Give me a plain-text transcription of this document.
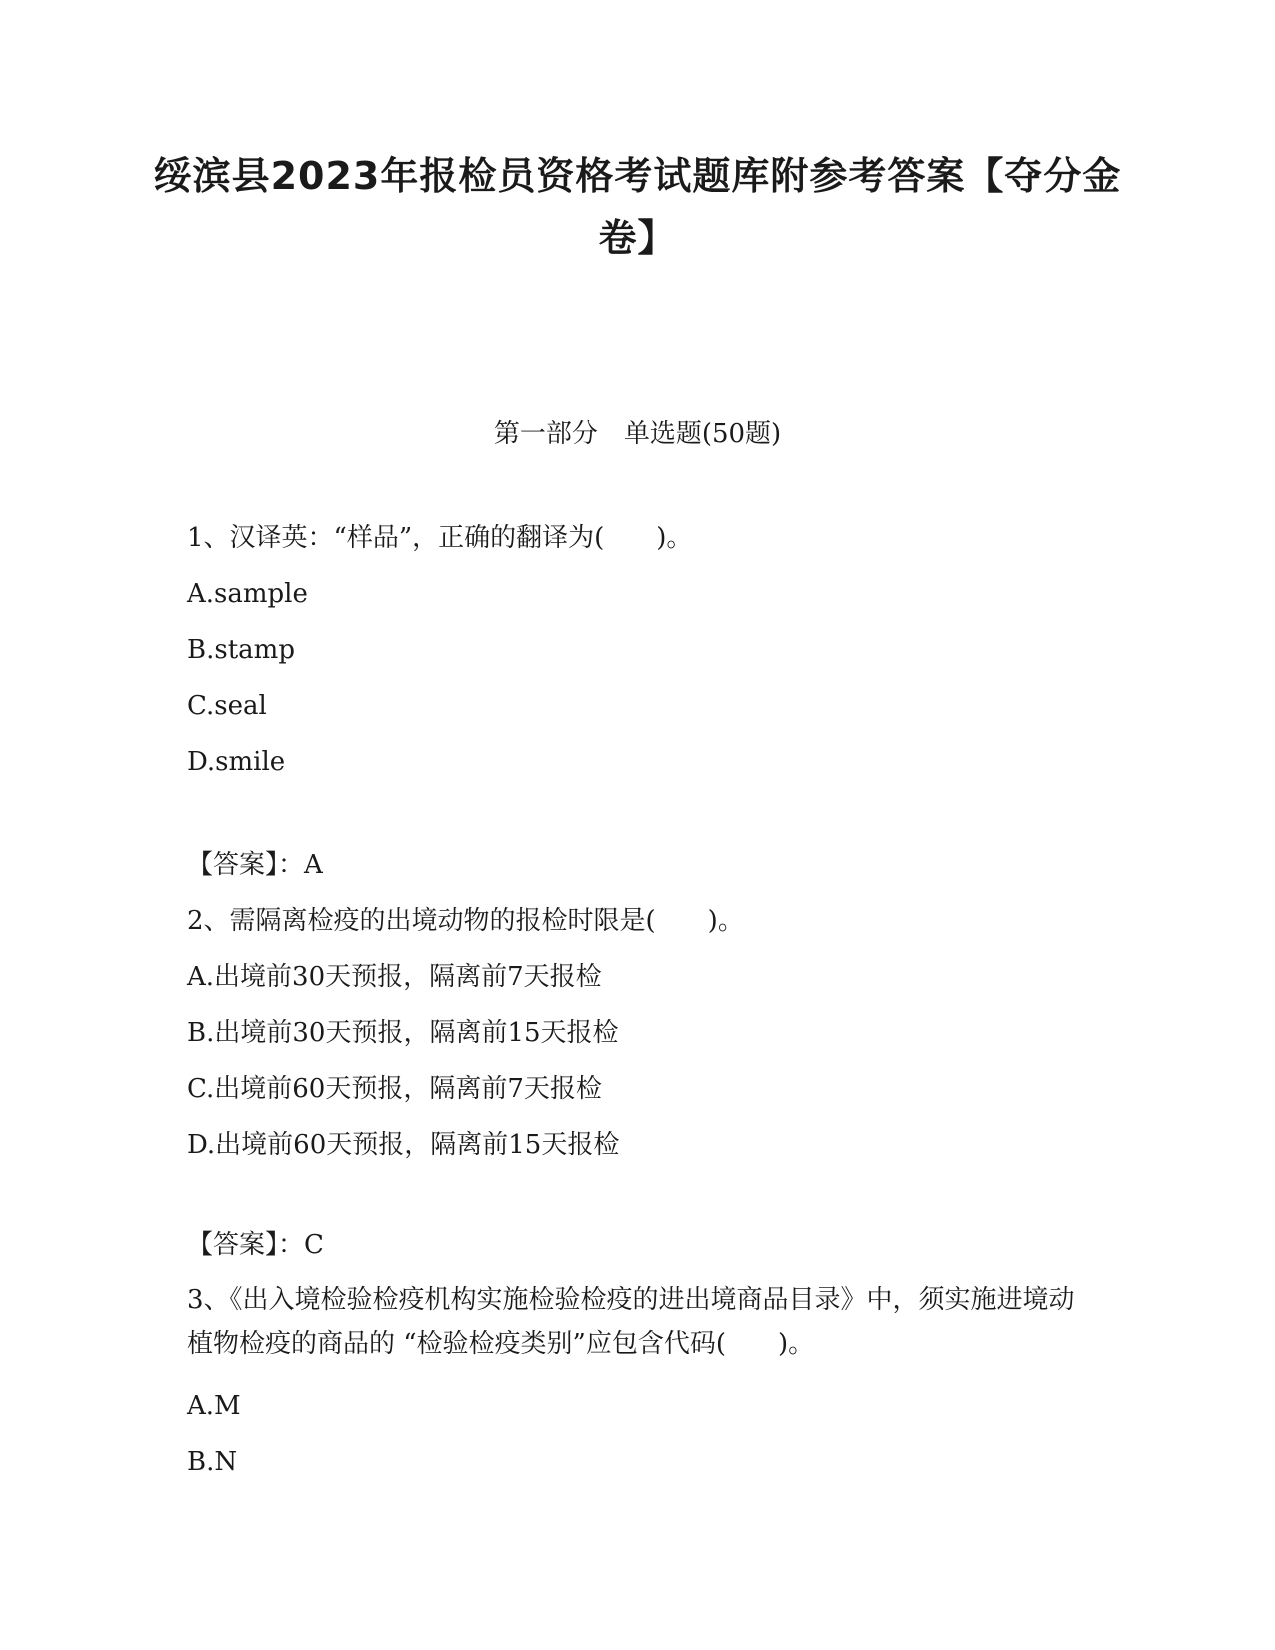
绥滨县2023年报检员资格考试题库附参考答案【夺分金卷】
第一部分　单选题(50题)
1、汉译英：“样品”，正确的翻译为(　　)。
A.sample
B.stamp
C.seal
D.smile
【答案】：A
2、需隔离检疫的出境动物的报检时限是(　　)。
A.出境前30天预报，隔离前7天报检
B.出境前30天预报，隔离前15天报检
C.出境前60天预报，隔离前7天报检
D.出境前60天预报，隔离前15天报检
【答案】：C
3、《出入境检验检疫机构实施检验检疫的进出境商品目录》中，须实施进境动植物检疫的商品的 “检验检疫类别”应包含代码(　　)。
A.M
B.N
